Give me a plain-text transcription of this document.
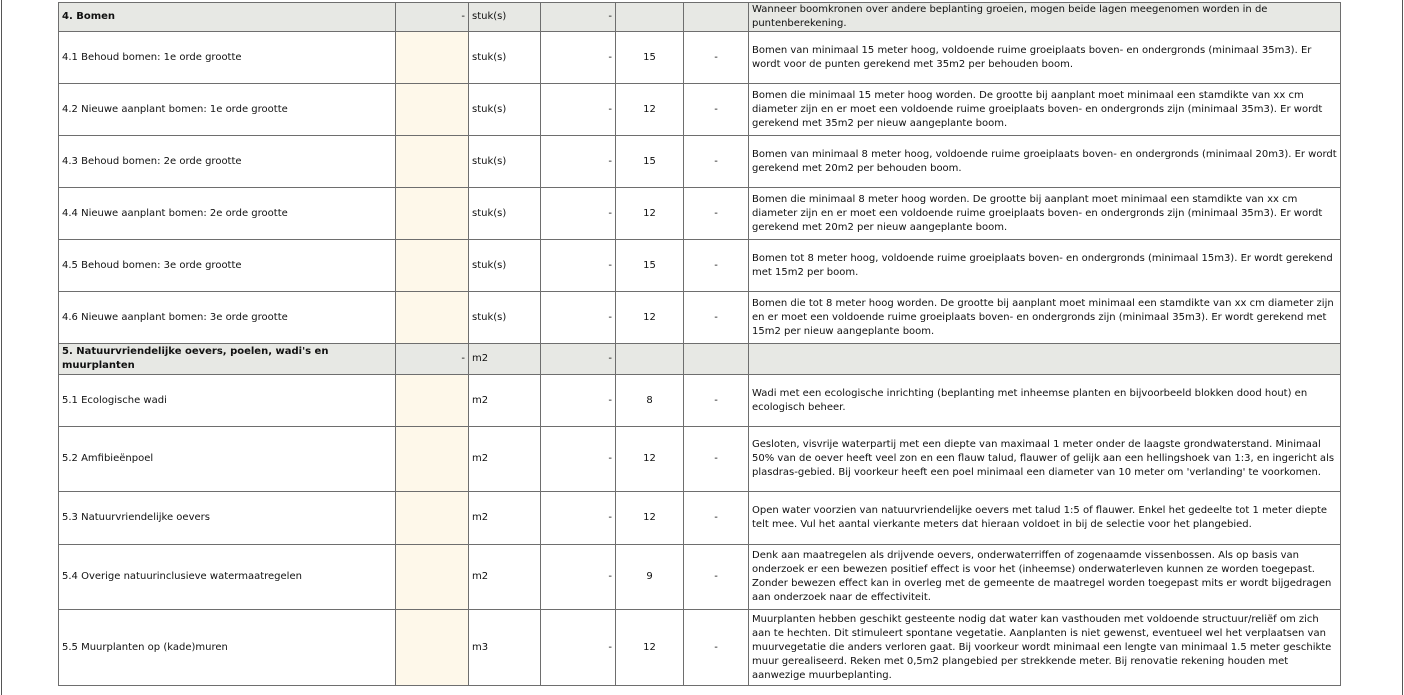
4. Bomen	-	stuk(s)	-			Wanneer boomkronen over andere beplanting groeien, mogen beide lagen meegenomen worden in de puntenberekening.
4.1 Behoud bomen: 1e orde grootte		stuk(s)	-	15	-	Bomen van minimaal 15 meter hoog, voldoende ruime groeiplaats boven- en ondergronds (minimaal 35m3). Er wordt voor de punten gerekend met 35m2 per behouden boom.
4.2 Nieuwe aanplant bomen: 1e orde grootte		stuk(s)	-	12	-	Bomen die minimaal 15 meter hoog worden. De grootte bij aanplant moet minimaal een stamdikte van xx cm diameter zijn en er moet een voldoende ruime groeiplaats boven- en ondergronds zijn (minimaal 35m3). Er wordt gerekend met 35m2 per nieuw aangeplante boom.
4.3 Behoud bomen: 2e orde grootte		stuk(s)	-	15	-	Bomen van minimaal 8 meter hoog, voldoende ruime groeiplaats boven- en ondergronds (minimaal 20m3). Er wordt gerekend met 20m2 per behouden boom.
4.4 Nieuwe aanplant bomen: 2e orde grootte		stuk(s)	-	12	-	Bomen die minimaal 8 meter hoog worden. De grootte bij aanplant moet minimaal een stamdikte van xx cm diameter zijn en er moet een voldoende ruime groeiplaats boven- en ondergronds zijn (minimaal 35m3). Er wordt gerekend met 20m2 per nieuw aangeplante boom.
4.5 Behoud bomen: 3e orde grootte		stuk(s)	-	15	-	Bomen tot 8 meter hoog, voldoende ruime groeiplaats boven- en ondergronds (minimaal 15m3). Er wordt gerekend met 15m2 per boom.
4.6 Nieuwe aanplant bomen: 3e orde grootte		stuk(s)	-	12	-	Bomen die tot 8 meter hoog worden. De grootte bij aanplant moet minimaal een stamdikte van xx cm diameter zijn en er moet een voldoende ruime groeiplaats boven- en ondergronds zijn (minimaal 35m3). Er wordt gerekend met 15m2 per nieuw aangeplante boom.
5. Natuurvriendelijke oevers, poelen, wadi's en muurplanten	-	m2	-			
5.1 Ecologische wadi		m2	-	8	-	Wadi met een ecologische inrichting (beplanting met inheemse planten en bijvoorbeeld blokken dood hout) en ecologisch beheer.
5.2 Amfibieënpoel		m2	-	12	-	Gesloten, visvrije waterpartij met een diepte van maximaal 1 meter onder de laagste grondwaterstand. Minimaal 50% van de oever heeft veel zon en een flauw talud, flauwer of gelijk aan een hellingshoek van 1:3, en ingericht als plasdras-gebied. Bij voorkeur heeft een poel minimaal een diameter van 10 meter om 'verlanding' te voorkomen.
5.3 Natuurvriendelijke oevers		m2	-	12	-	Open water voorzien van natuurvriendelijke oevers met talud 1:5 of flauwer. Enkel het gedeelte tot 1 meter diepte telt mee. Vul het aantal vierkante meters dat hieraan voldoet in bij de selectie voor het plangebied.
5.4 Overige natuurinclusieve watermaatregelen		m2	-	9	-	Denk aan maatregelen als drijvende oevers, onderwaterriffen of zogenaamde vissenbossen. Als op basis van onderzoek er een bewezen positief effect is voor het (inheemse) onderwaterleven kunnen ze worden toegepast. Zonder bewezen effect kan in overleg met de gemeente de maatregel worden toegepast mits er wordt bijgedragen aan onderzoek naar de effectiviteit.
5.5 Muurplanten op (kade)muren		m3	-	12	-	Muurplanten hebben geschikt gesteente nodig dat water kan vasthouden met voldoende structuur/reliëf om zich aan te hechten. Dit stimuleert spontane vegetatie. Aanplanten is niet gewenst, eventueel wel het verplaatsen van muurvegetatie die anders verloren gaat. Bij voorkeur wordt minimaal een lengte van minimaal 1.5 meter geschikte muur gerealiseerd. Reken met 0,5m2 plangebied per strekkende meter. Bij renovatie rekening houden met aanwezige muurbeplanting.
